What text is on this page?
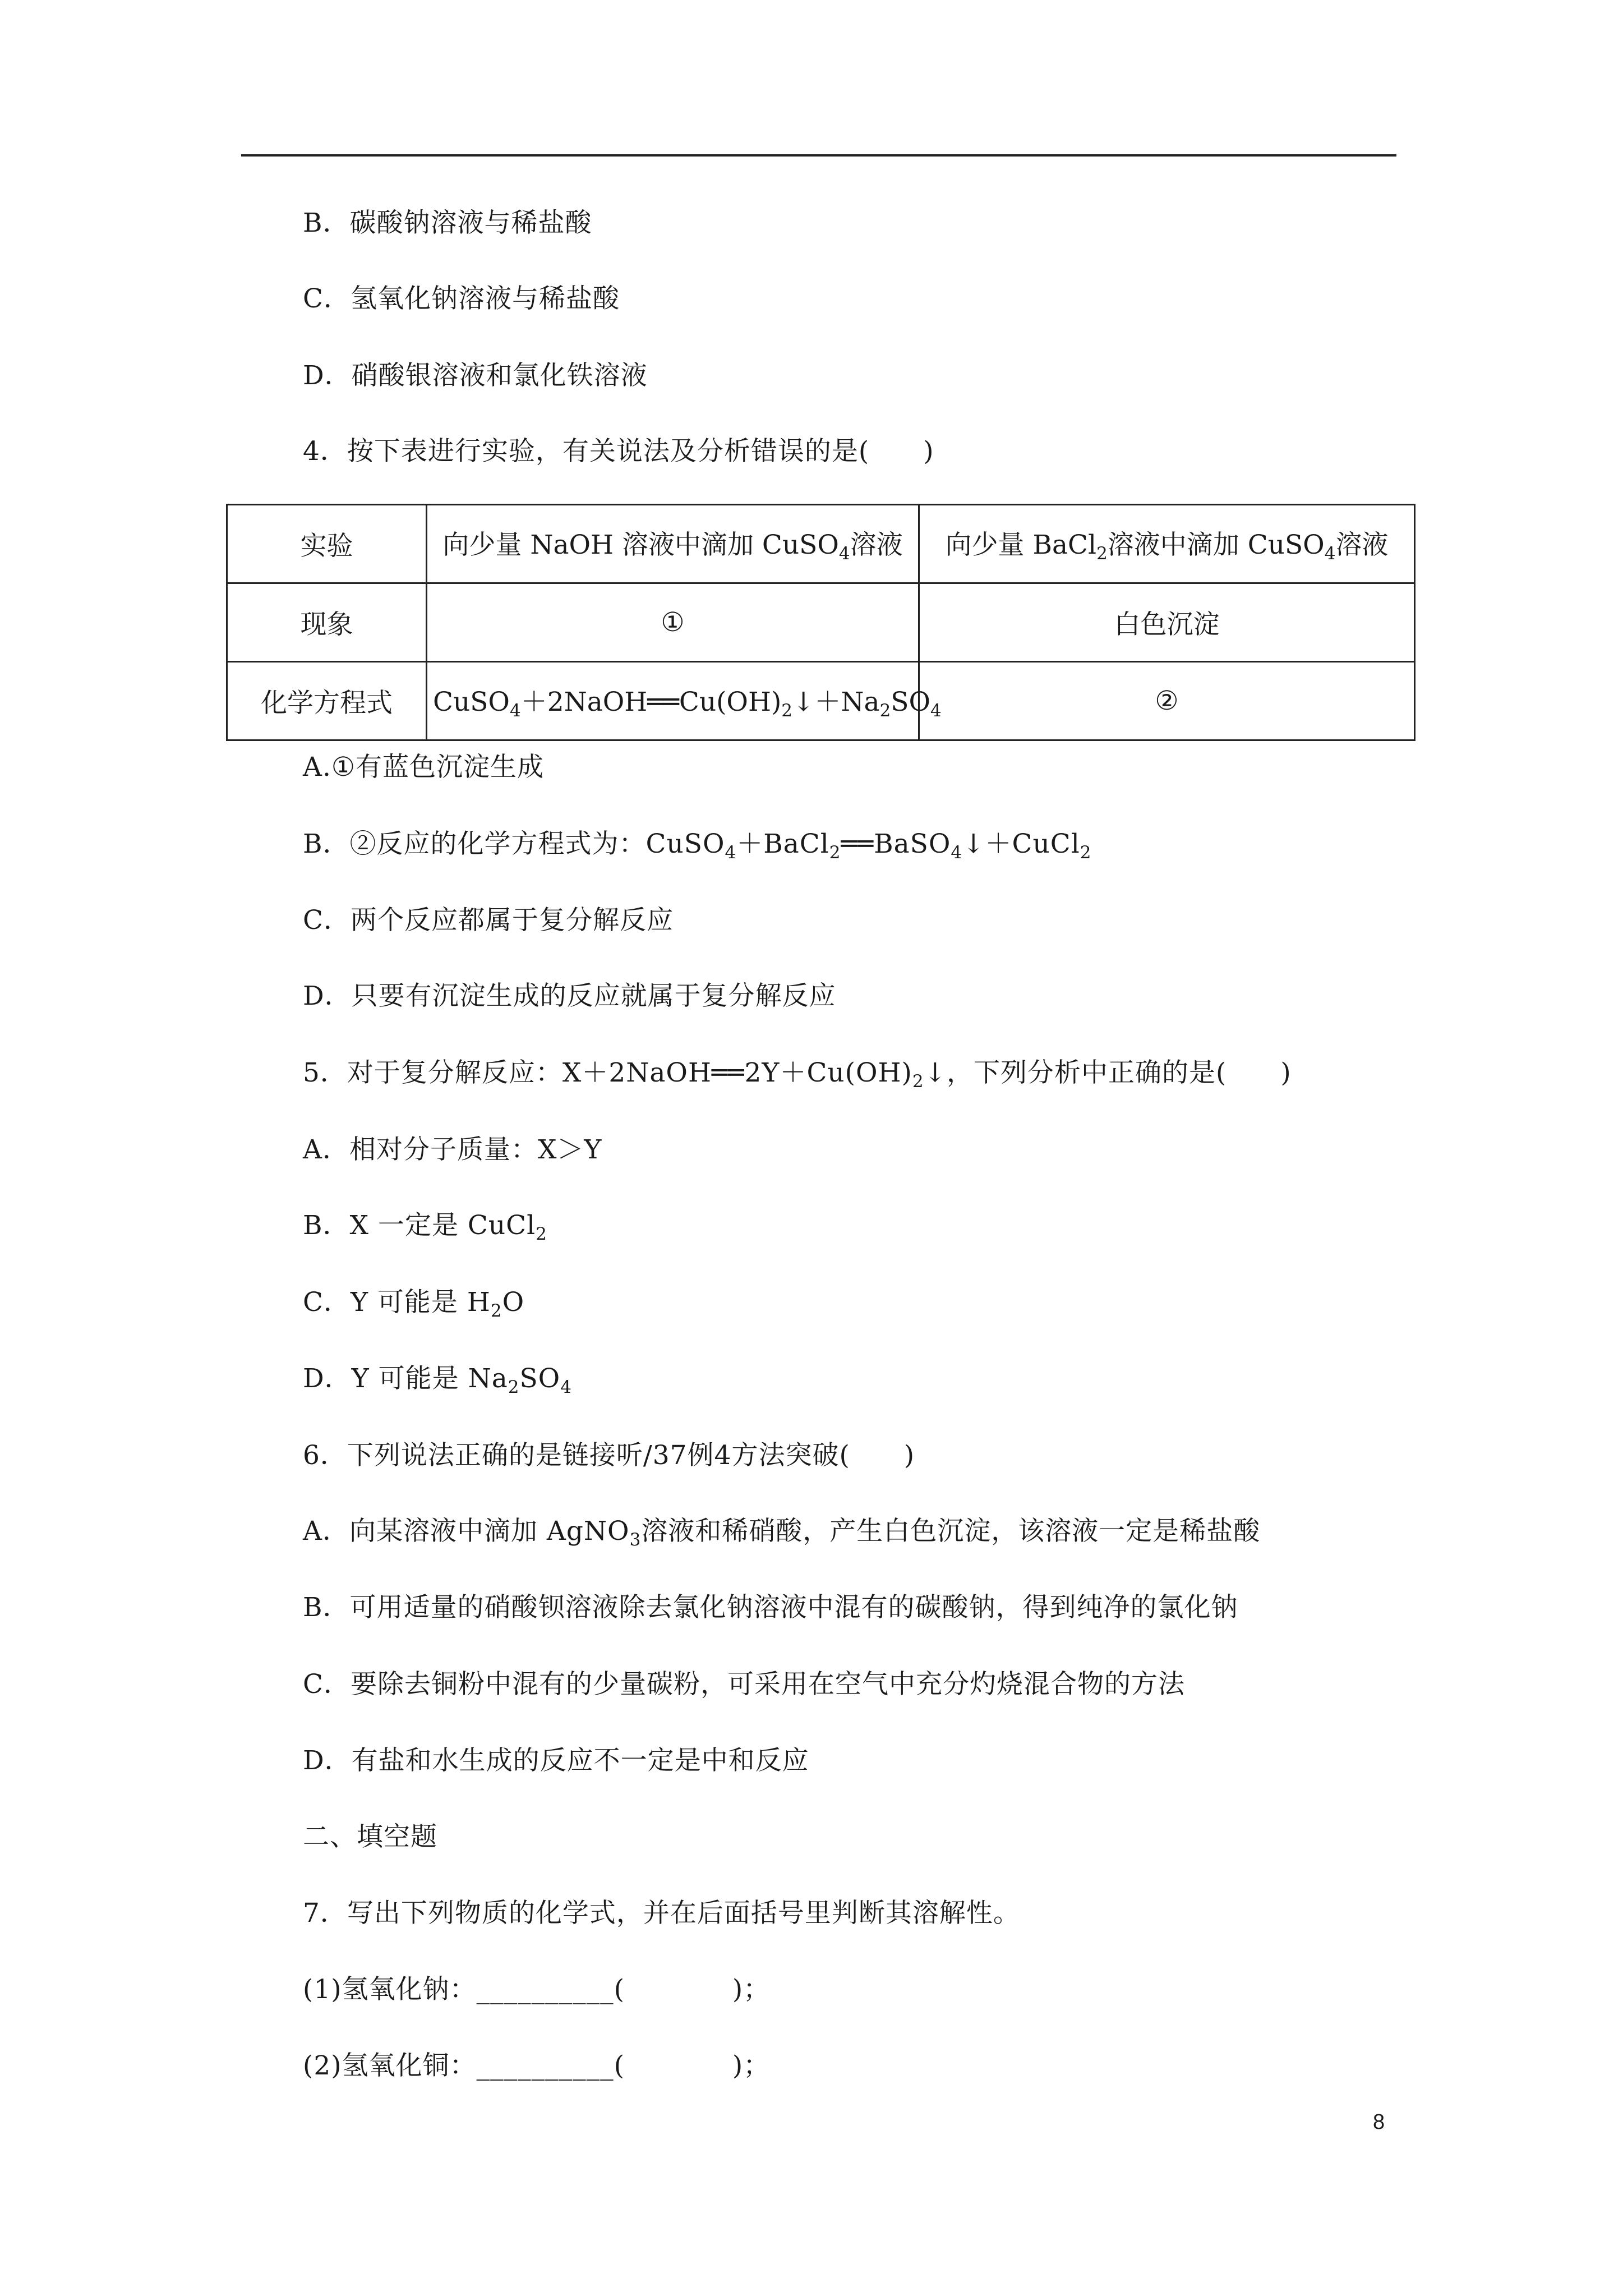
B．碳酸钠溶液与稀盐酸
C．氢氧化钠溶液与稀盐酸
D．硝酸银溶液和氯化铁溶液
4．按下表进行实验，有关说法及分析错误的是(　　)
实验	向少量 NaOH 溶液中滴加 CuSO$_4$溶液	向少量 BaCl$_2$溶液中滴加 CuSO$_4$溶液
现象	①	白色沉淀
化学方程式	$CuSO_4+2NaOH══Cu(OH)_2↓+Na_2SO_4$	②
A.①有蓝色沉淀生成
B．②反应的化学方程式为：CuSO$_4$＋BaCl$_2$══BaSO$_4$↓＋CuCl$_2$
C．两个反应都属于复分解反应
D．只要有沉淀生成的反应就属于复分解反应
5．对于复分解反应：$X+2NaOH══2Y+Cu(OH)_2↓$，下列分析中正确的是(　　)
A．相对分子质量：X＞Y
B．X 一定是 CuCl$_2$
C．Y 可能是 $H_2O$
D．Y 可能是 $Na_2SO_4$
6．下列说法正确的是链接听/37例4方法突破(　　)
A．向某溶液中滴加 AgNO$_3$溶液和稀硝酸，产生白色沉淀，该溶液一定是稀盐酸
B．可用适量的硝酸钡溶液除去氯化钠溶液中混有的碳酸钠，得到纯净的氯化钠
C．要除去铜粉中混有的少量碳粉，可采用在空气中充分灼烧混合物的方法
D．有盐和水生成的反应不一定是中和反应
二、填空题
7．写出下列物质的化学式，并在后面括号里判断其溶解性。
(1)氢氧化钠：__________(　　　　)；
(2)氢氧化铜：__________(　　　　)；
8
